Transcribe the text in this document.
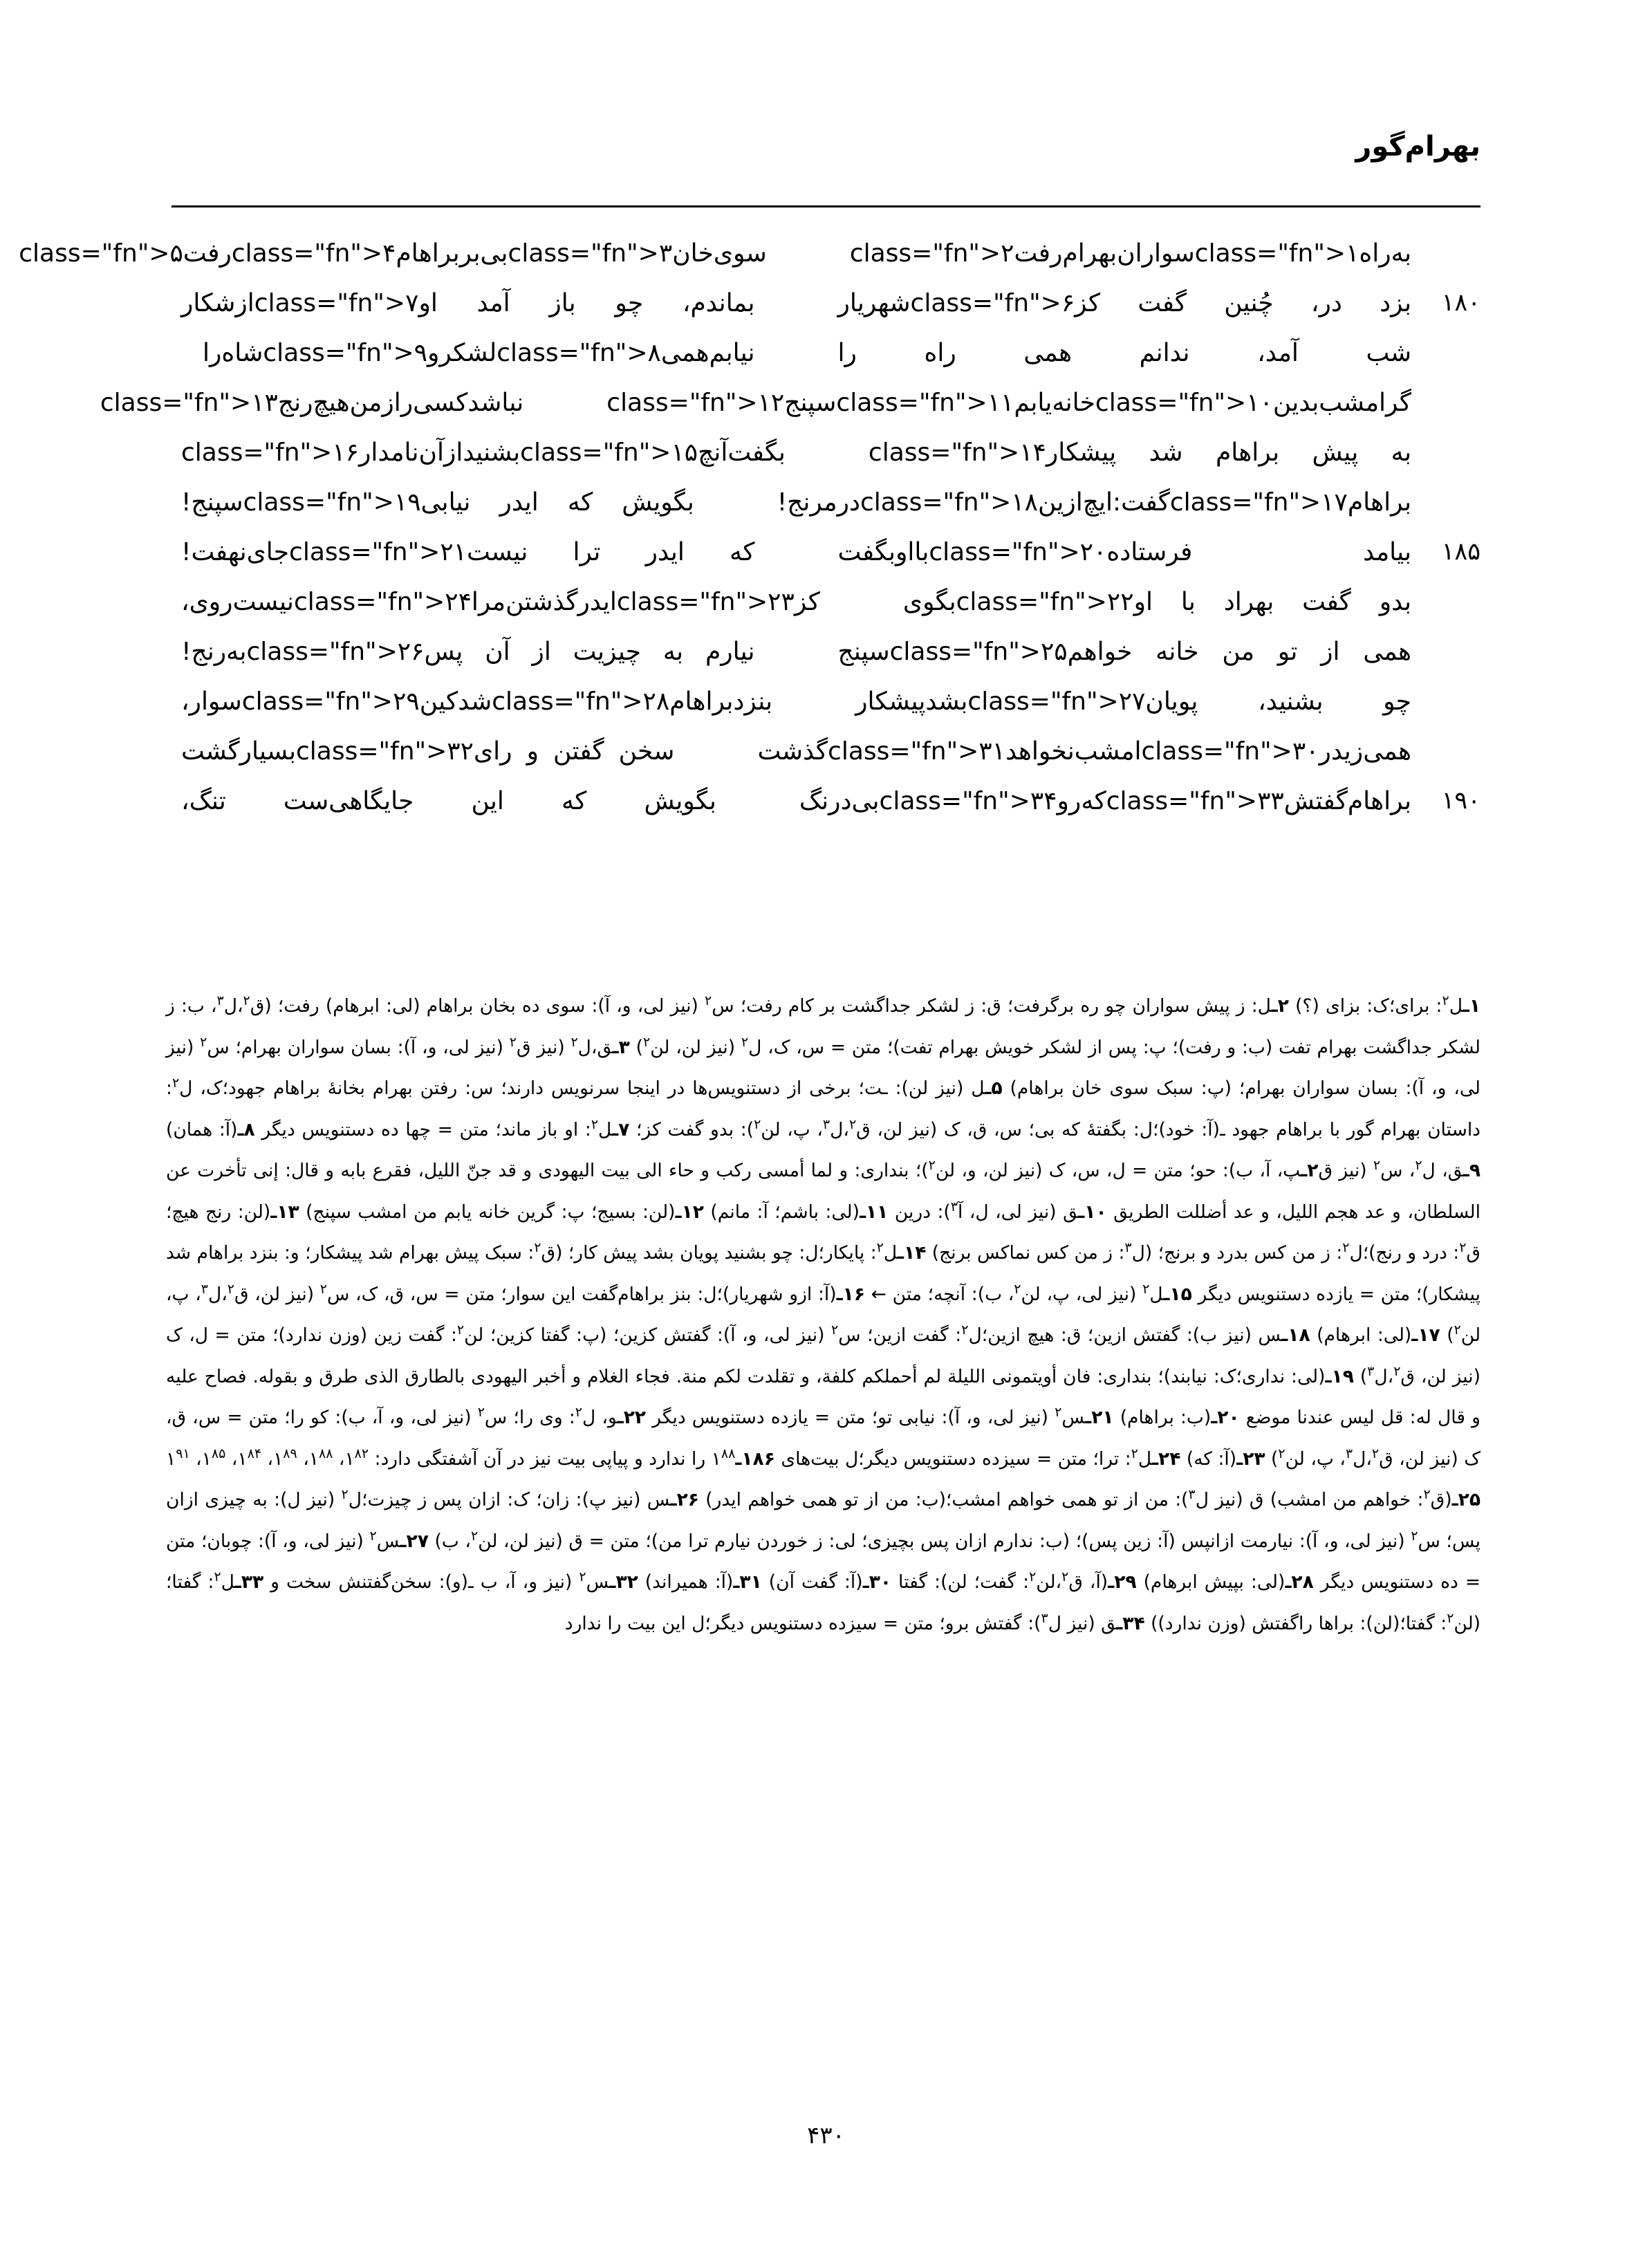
بهرام‌گور
به
راهclass="fn">۱سوارانبهرامرفتclass="fn">۲
سوی
خانclass="fn">۳بیبربراهامclass="fn">۴رفتclass="fn">۵
۱۸۰
بزد
در،
چُنین
گفت
کزclass="fn">۶شهریار
بماندم،
چو
باز
آمد
اوclass="fn">۷ازشکار
شب
آمد،
ندانم
همی
راه
را
نیابم‌همیclass="fn">۸لشکروclass="fn">۹شاهرا
گر
امشب
بدینclass="fn">۱۰خانهیابمclass="fn">۱۱سپنجclass="fn">۱۲
نباشد
کسی
را
ز
من
هیچ
رنجclass="fn">۱۳
به
پیش
براهام
شد
پیشکارclass="fn">۱۴
بگفت
آنچclass="fn">۱۵بشنیدازآننامدارclass="fn">۱۶
براهامclass="fn">۱۷گفت:ایچازینclass="fn">۱۸درمرنج!
بگویش
که
ایدر
نیابیclass="fn">۱۹سپنج!
۱۸۵
بیامد
فرستادهclass="fn">۲۰بااوبگفت
که
ایدر
ترا
نیستclass="fn">۲۱جاینهفت!
بدو
گفت
بهراد
با
اوclass="fn">۲۲بگوی
کزclass="fn">۲۳ایدرگذشتنمراclass="fn">۲۴نیستروی،
همی
از
تو
من
خانه
خواهمclass="fn">۲۵سپنج
نیارم
به
چیزیت
از
آن
پسclass="fn">۲۶بهرنج!
چو
بشنید،
پویانclass="fn">۲۷بشدپیشکار
بنزد
براهامclass="fn">۲۸شدکینclass="fn">۲۹سوار،
همی
زیدرclass="fn">۳۰امشبنخواهدclass="fn">۳۱گذشت
سخن
گفتن
و
رایclass="fn">۳۲بسیارگشت
۱۹۰
براهام
گفتشclass="fn">۳۳کهروclass="fn">۳۴بی‌درنگ
بگویش
که
این
جایگاهی‌ست
تنگ،

۱ـل$^۲$: برای؛ک: بزای (؟) ۲ـل: ز پیش سواران چو ره برگرفت؛ ق: ز لشکر جداگشت بر کام رفت؛ س$^۲$ (نیز لی، و، آ): سوی ده بخان براهام (لی: ابرهام) رفت؛ (ق$^۲$،ل$^۳$، ب: ز لشکر جداگشت بهرام تفت (ب: و رفت)؛ پ: پس از لشکر خویش بهرام تفت)؛ متن = س، ک، ل$^۲$ (نیز لن، لن$^۲$) ۳ـق،ل$^۲$ (نیز ق$^۲$ (نیز لی، و، آ): بسان سواران بهرام؛ س$^۲$ (نیز لی، و، آ): بسان سواران بهرام؛ (پ: سبک سوی خان براهام) ۵ـل (نیز لن): ـت؛ برخی از دستنویس‌ها در اینجا سرنویس دارند؛ س: رفتن بهرام بخانهٔ براهام جهود؛ک، ل$^۲$: داستان بهرام گور با براهام جهود ـ(آ: خود)؛ل: بگفتهٔ که بی؛ س، ق، ک (نیز لن، ق$^۲$،ل$^۳$، پ، لن$^۲$): بدو گفت کز؛ ۷ـل$^۲$: او باز ماند؛ متن = چها ده دستنویس دیگر ۸ـ(آ: همان) ۹ـق، ل$^۲$، س$^۲$ (نیز ق۲ـپ، آ، ب): حو؛ متن = ل، س، ک (نیز لن، و، لن$^۲$)؛ بنداری: و لما أمسی رکب و حاء الی بیت الیهودی و قد جنّ اللیل، فقرع بابه و قال: إنی تأخرت عن السلطان، و عد هجم اللیل، و عد أضللت الطریق ۱۰ـق (نیز لی، ل، آ$^۳$): درین ۱۱ـ(لی: باشم؛ آ: مانم) ۱۲ـ(لن: بسیج؛ پ: گرین خانه یابم من امشب سپنج) ۱۳ـ(لن: رنج هیچ؛ ق$^۲$: درد و رنج)؛ل$^۲$: ز من کس بدرد و برنج؛ (ل$^۳$: ز من کس نماکس برنج) ۱۴ـل$^۲$: پایکار؛ل: چو بشنید پویان بشد پیش کار؛ (ق$^۲$: سبک پیش بهرام شد پیشکار؛ و: بنزد براهام شد پیشکار)؛ متن = یازده دستنویس دیگر ۱۵ـل$^۲$ (نیز لی، پ، لن$^۲$، ب): آنچه؛ متن ← ۱۶ـ(آ: ازو شهریار)؛ل: بنز براهام‌گفت این سوار؛ متن = س، ق، ک، س$^۲$ (نیز لن، ق$^۲$،ل$^۳$، پ، لن$^۲$) ۱۷ـ(لی: ابرهام) ۱۸ـس (نیز ب): گفتش ازین؛ ق: هیچ ازین؛ل$^۲$: گفت ازین؛ س$^۲$ (نیز لی، و، آ): گفتش کزین؛ (پ: گفتا کزین؛ لن$^۲$: گفت زین (وزن ندارد)؛ متن = ل، ک (نیز لن، ق$^۲$،ل$^۳$) ۱۹ـ(لی: نداری؛ک: نیابند)؛ بنداری: فان أویتمونی اللیلة لم أحملکم کلفة، و تقلدت لکم منة. فجاء الغلام و أخبر الیهودی بالطارق الذی طرق و بقوله. فصاح علیه و قال له: قل لیس عندنا موضع ۲۰ـ(ب: براهام) ۲۱ـس$^۲$ (نیز لی، و، آ): نیابی تو؛ متن = یازده دستنویس دیگر ۲۲ـو، ل$^۲$: وی را؛ س$^۲$ (نیز لی، و، آ، ب): کو را؛ متن = س، ق، ک (نیز لن، ق$^۲$،ل$^۳$، پ، لن$^۲$) ۲۳ـ(آ: که) ۲۴ـل$^۲$: ترا؛ متن = سیزده دستنویس دیگر؛ل بیت‌های $۱۸۶ـ۱^{۸۸}$ را ندارد و پیاپی بیت نیز در آن آشفتگی دارد: $۱^{۸۲}،$ $۱^{۸۸}،$ $۱^{۸۹}،$ $۱^{۸۴}،$ $۱^{۸۵}،$ $۱^{۹۱}$ ۲۵ـ(ق$^۲$: خواهم من امشب) ق (نیز ل$^۳$): من از تو همی خواهم امشب؛(ب: من از تو همی خواهم ایدر) ۲۶ـس (نیز پ): زان؛ ک: ازان پس ز چیزت؛ل$^۲$ (نیز ل): به چیزی ازان پس؛ س$^۲$ (نیز لی، و، آ): نیارمت ازانپس (آ: زین پس)؛ (ب: ندارم ازان پس بچیزی؛ لی: ز خوردن نیارم ترا من)؛ متن = ق (نیز لن، لن$^۲$، ب) ۲۷ـس$^۲$ (نیز لی، و، آ): چوبان؛ متن = ده دستنویس دیگر ۲۸ـ(لی: بپیش ابرهام) ۲۹ـ(آ، ق$^۲$،لن$^۲$: گفت؛ لن): گفتا ۳۰ـ(آ: گفت آن) ۳۱ـ(آ: همیراند) ۳۲ـس$^۲$ (نیز و، آ، ب ـ(و): سخن‌گفتنش سخت و ۳۳ـل$^۲$: گفتا؛(لن$^۲$: گفتا؛(لن): براها راگفتش (وزن ندارد)) ۳۴ـق (نیز ل$^۳$): گفتش برو؛ متن = سیزده دستنویس دیگر؛ل این بیت را ندارد

۴۳۰
